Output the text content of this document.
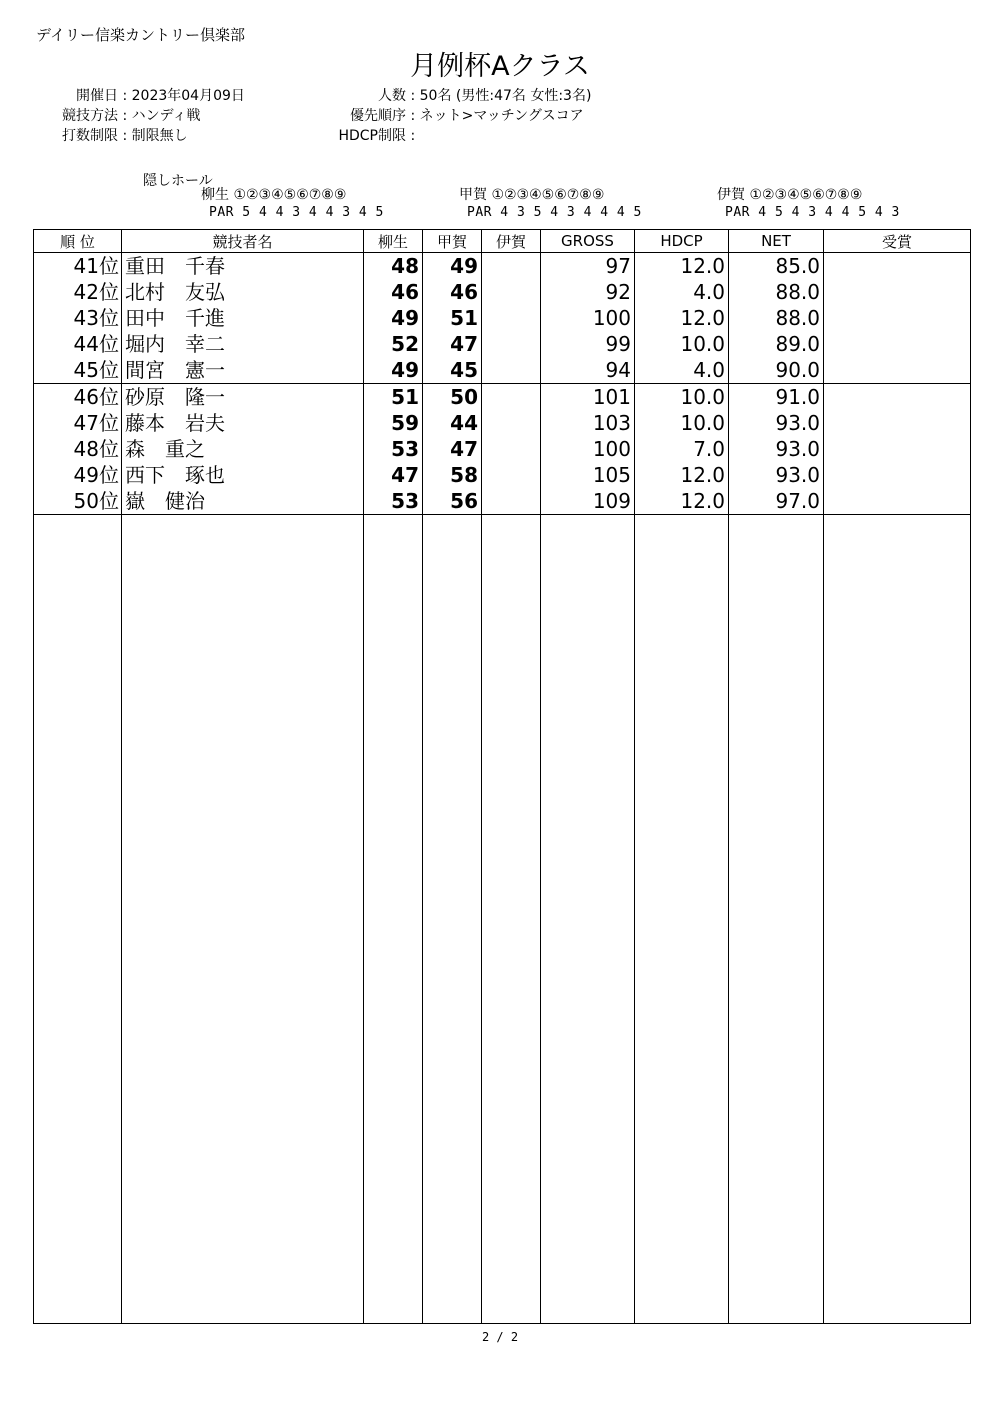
デイリー信楽カントリー倶楽部
月例杯Aクラス
開催日 : 2023年04月09日
競技方法 : ハンディ戦
打数制限 : 制限無し
人数 : 50名 (男性:47名 女性:3名)
優先順序 : ネット>マッチングスコア
HDCP制限 :
隠しホール
柳生 ①②③④⑤⑥⑦⑧⑨
PAR 5 4 4 3 4 4 3 4 5
甲賀 ①②③④⑤⑥⑦⑧⑨
PAR 4 3 5 4 3 4 4 4 5
伊賀 ①②③④⑤⑥⑦⑧⑨
PAR 4 5 4 3 4 4 5 4 3
順 位	競技者名	柳生	甲賀	伊賀	GROSS	HDCP	NET	受賞
41位	重田　千春	48	49		97	12.0	85.0	
42位	北村　友弘	46	46		92	4.0	88.0	
43位	田中　千進	49	51		100	12.0	88.0	
44位	堀内　幸二	52	47		99	10.0	89.0	
45位	間宮　憲一	49	45		94	4.0	90.0	
46位	砂原　隆一	51	50		101	10.0	91.0	
47位	藤本　岩夫	59	44		103	10.0	93.0	
48位	森　重之	53	47		100	7.0	93.0	
49位	西下　琢也	47	58		105	12.0	93.0	
50位	嶽　健治	53	56		109	12.0	97.0	

2 / 2
